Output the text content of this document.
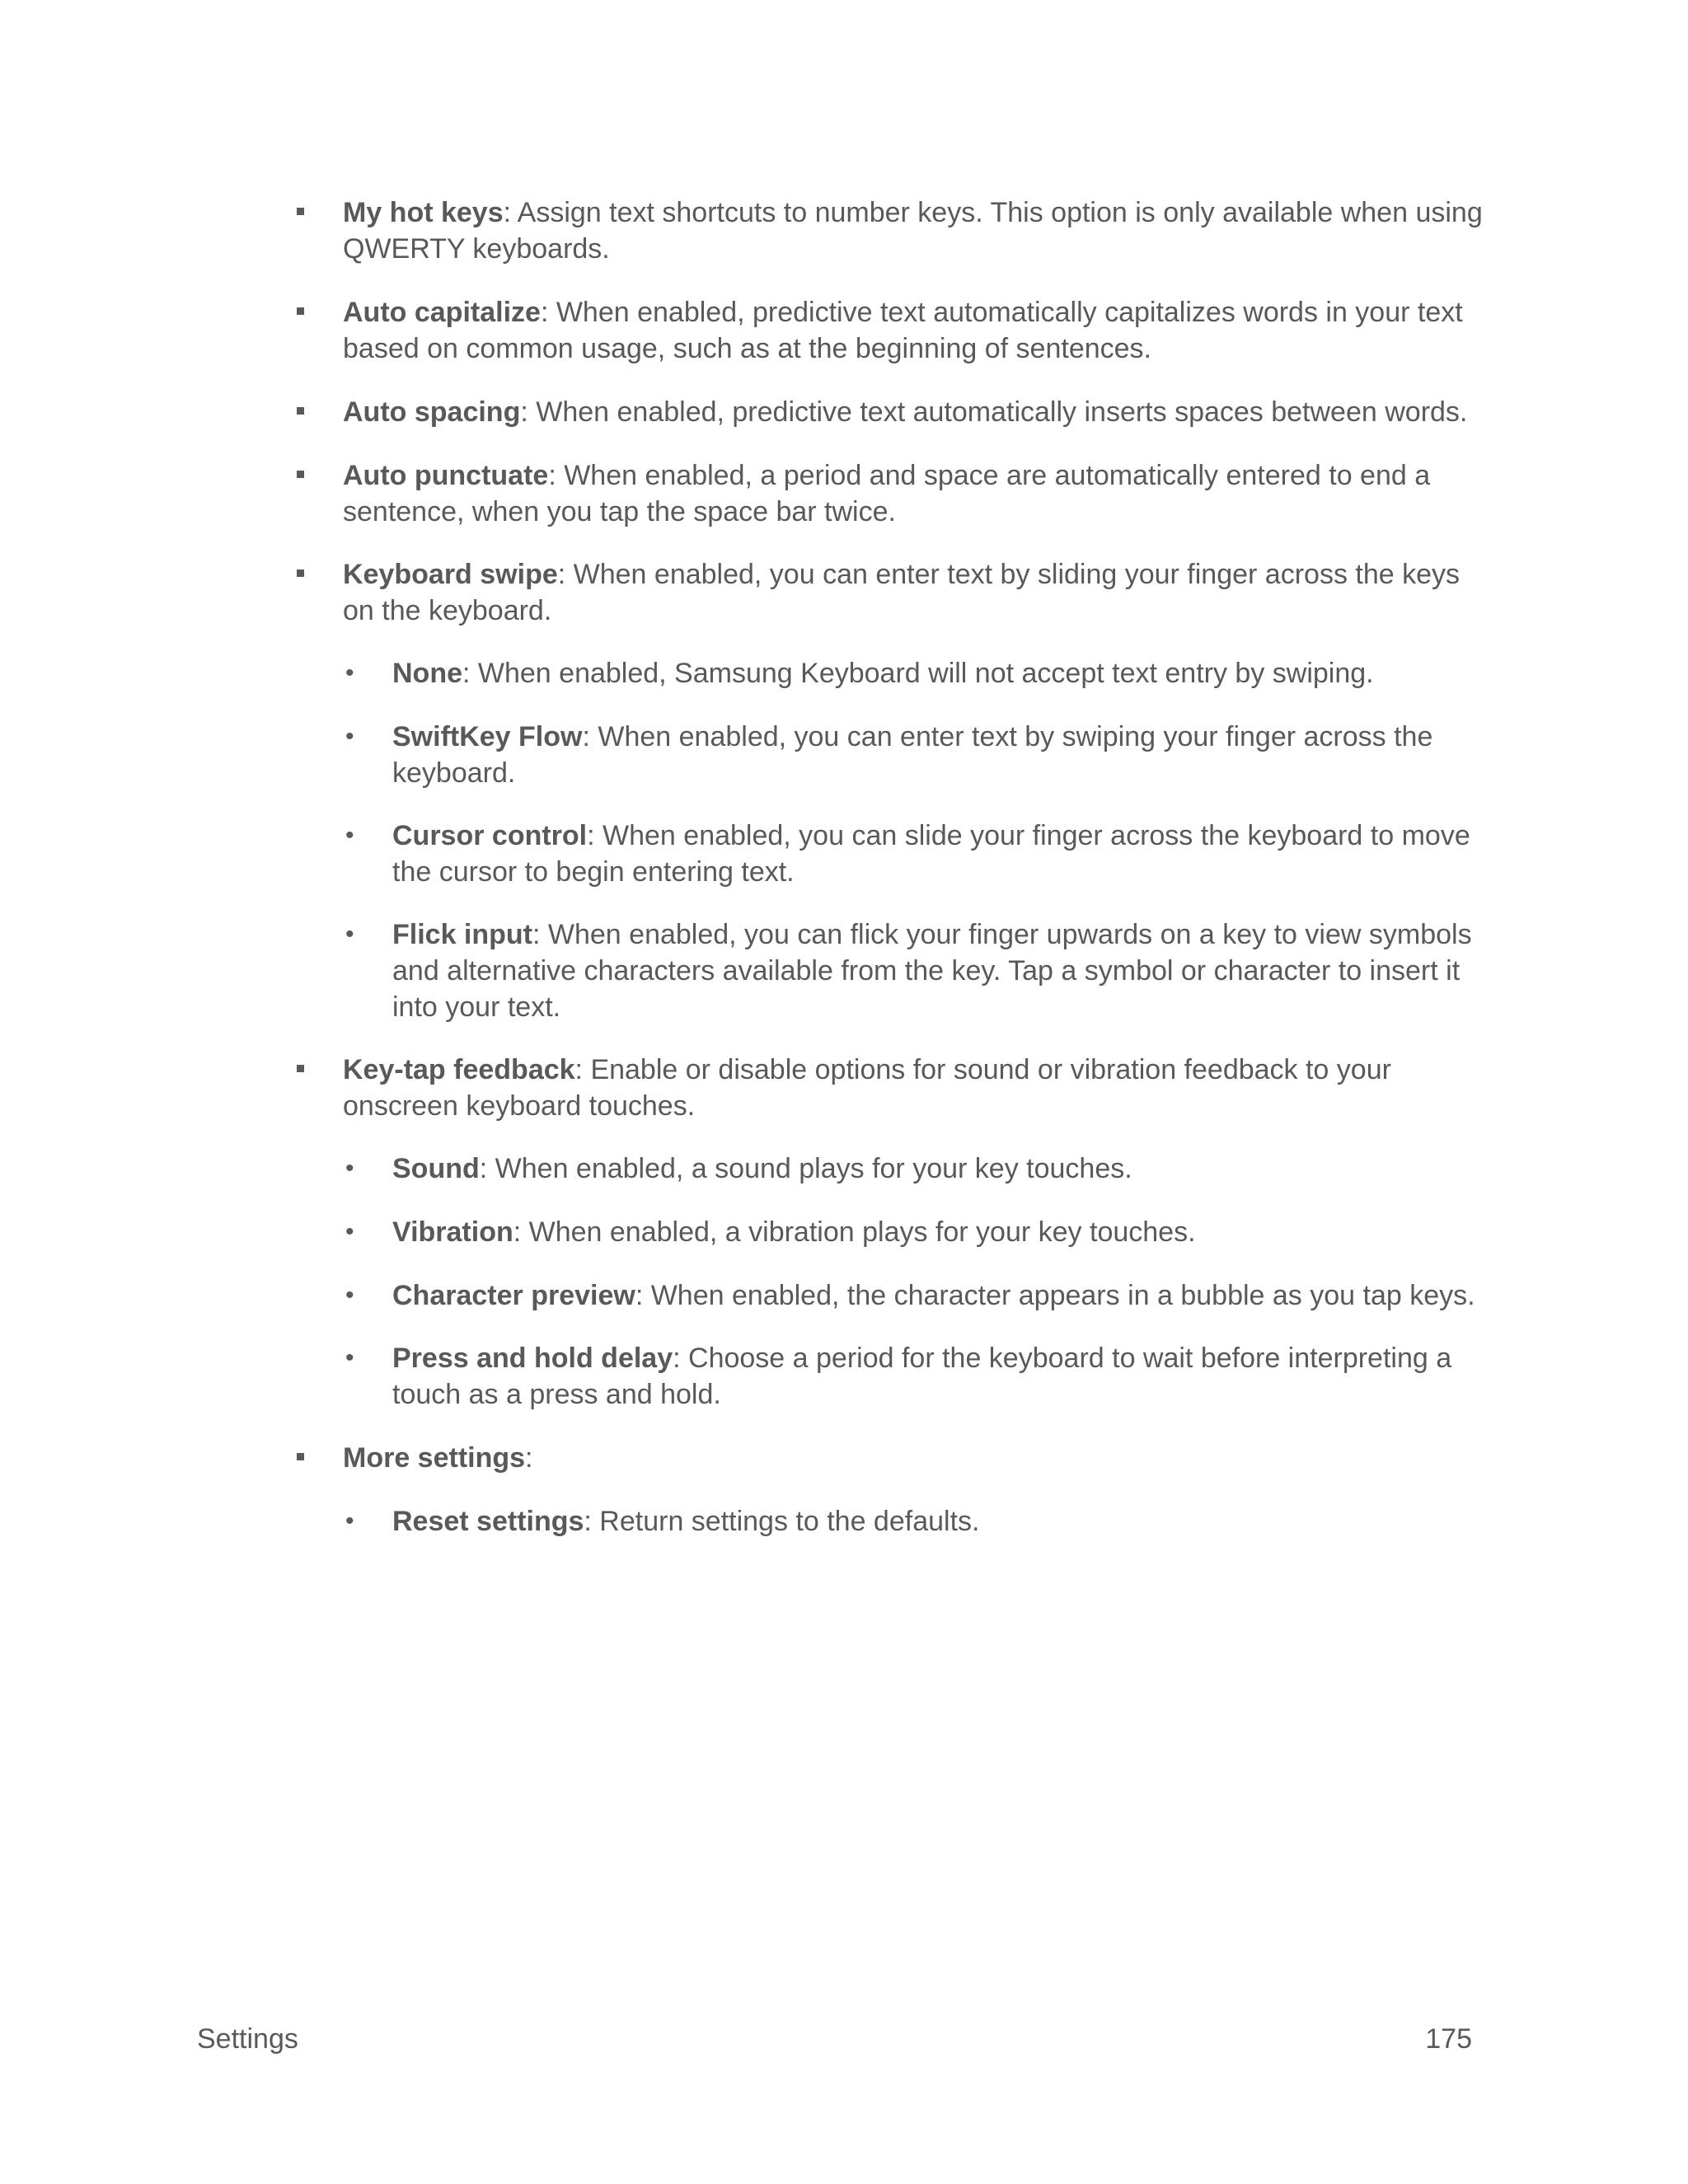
My hot keys: Assign text shortcuts to number keys. This option is only available when using QWERTY keyboards.

Auto capitalize: When enabled, predictive text automatically capitalizes words in your text based on common usage, such as at the beginning of sentences.

Auto spacing: When enabled, predictive text automatically inserts spaces between words.

Auto punctuate: When enabled, a period and space are automatically entered to end a sentence, when you tap the space bar twice.

Keyboard swipe: When enabled, you can enter text by sliding your finger across the keys on the keyboard.

• None: When enabled, Samsung Keyboard will not accept text entry by swiping.

• SwiftKey Flow: When enabled, you can enter text by swiping your finger across the keyboard.

• Cursor control: When enabled, you can slide your finger across the keyboard to move the cursor to begin entering text.

• Flick input: When enabled, you can flick your finger upwards on a key to view symbols and alternative characters available from the key. Tap a symbol or character to insert it into your text.

Key-tap feedback: Enable or disable options for sound or vibration feedback to your onscreen keyboard touches.

• Sound: When enabled, a sound plays for your key touches.

• Vibration: When enabled, a vibration plays for your key touches.

• Character preview: When enabled, the character appears in a bubble as you tap keys.

• Press and hold delay: Choose a period for the keyboard to wait before interpreting a touch as a press and hold.

More settings:

• Reset settings: Return settings to the defaults.

Settings	175
